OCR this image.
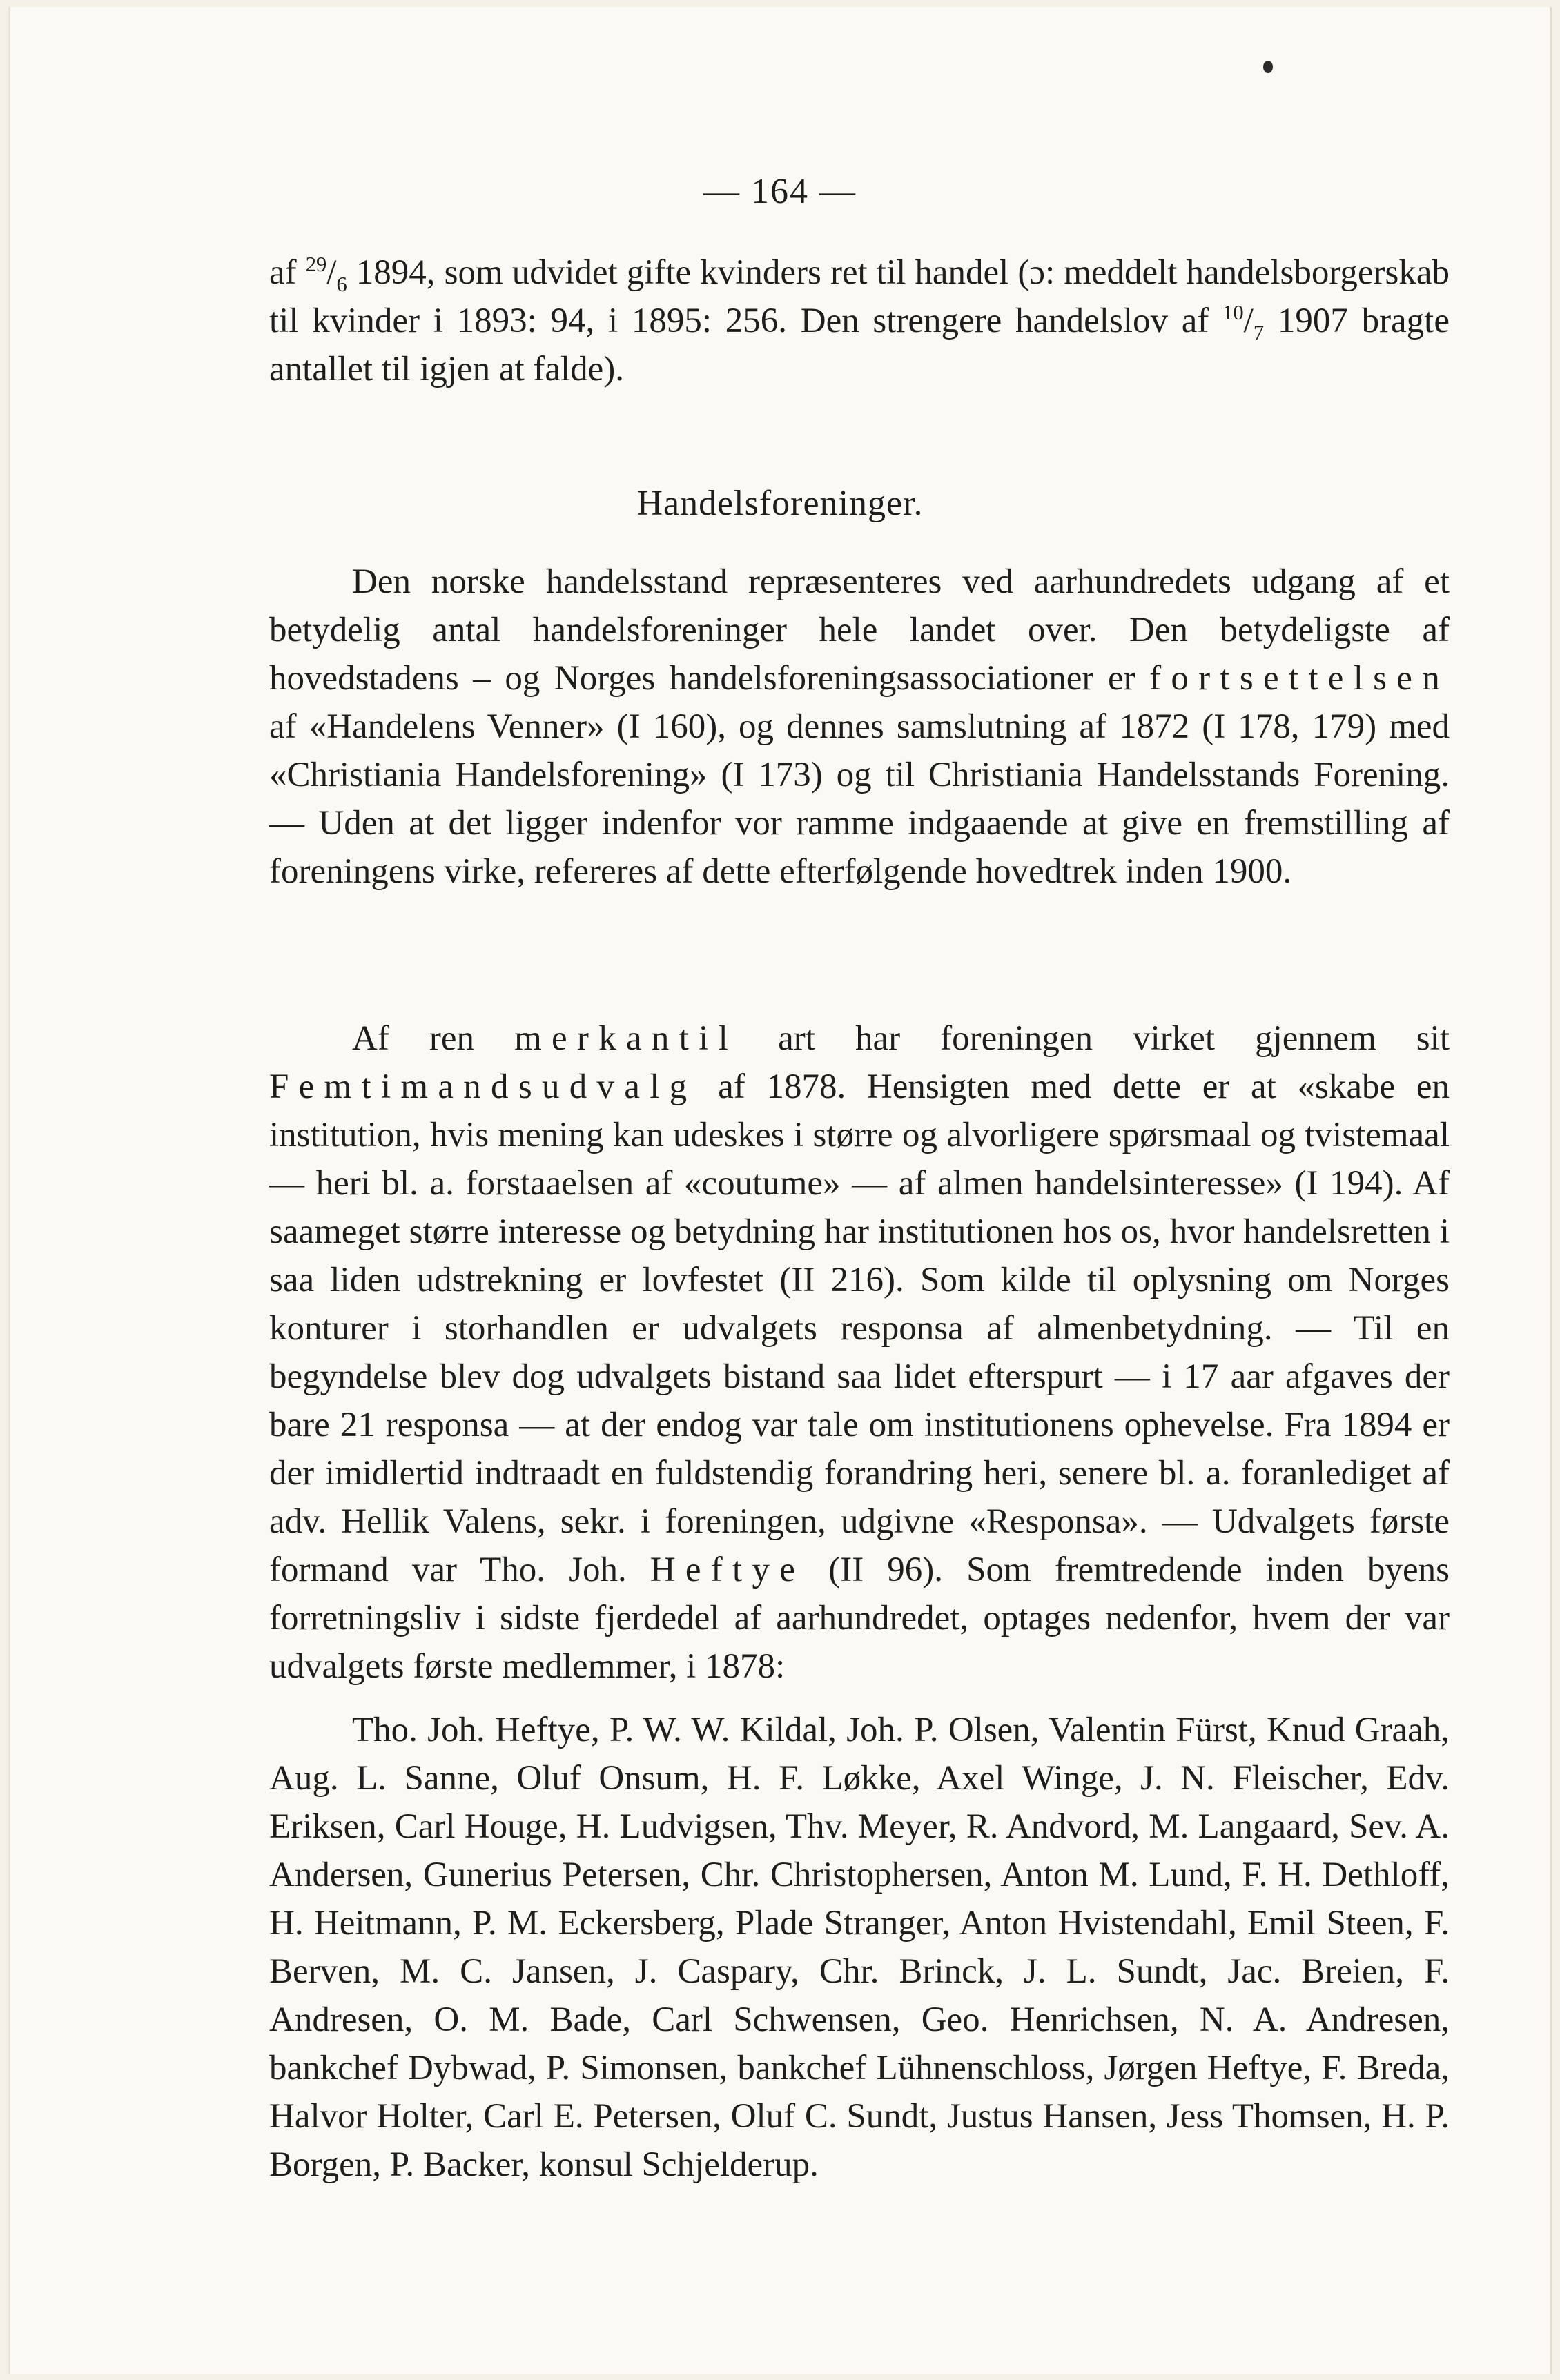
— 164 —

af $^{29}/_6$ 1894, som udvidet gifte kvinders ret til handel (ɔ: meddelt handelsborgerskab til kvinder i 1893: 94, i 1895: 256. Den strengere handelslov af $^{10}/_7$ 1907 bragte antallet til igjen at falde).

Handelsforeninger.

Den norske handelsstand repræsenteres ved aarhundredets udgang af et betydelig antal handelsforeninger hele landet over. Den betydeligste af hovedstadens – og Norges handelsforeningsassociationer er fortsettelsen af «Handelens Venner» (I 160), og dennes samslutning af 1872 (I 178, 179) med «Christiania Handelsforening» (I 173) og til Christiania Handelsstands Forening. — Uden at det ligger indenfor vor ramme indgaaende at give en fremstilling af foreningens virke, refereres af dette efterfølgende hovedtrek inden 1900.

Af ren merkantil art har foreningen virket gjennem sit Femtimandsudvalg af 1878. Hensigten med dette er at «skabe en institution, hvis mening kan udeskes i større og alvorligere spørsmaal og tvistemaal — heri bl. a. forstaaelsen af «coutume» — af almen handelsinteresse» (I 194). Af saameget større interesse og betydning har institutionen hos os, hvor handelsretten i saa liden udstrekning er lovfestet (II 216). Som kilde til oplysning om Norges konturer i storhandlen er udvalgets responsa af almenbetydning. — Til en begyndelse blev dog udvalgets bistand saa lidet efterspurt — i 17 aar afgaves der bare 21 responsa — at der endog var tale om institutionens ophevelse. Fra 1894 er der imidlertid indtraadt en fuldstendig forandring heri, senere bl. a. foranlediget af adv. Hellik Valens, sekr. i foreningen, udgivne «Responsa». — Udvalgets første formand var Tho. Joh. Heftye (II 96). Som fremtredende inden byens forretningsliv i sidste fjerdedel af aarhundredet, optages nedenfor, hvem der var udvalgets første medlemmer, i 1878:

Tho. Joh. Heftye, P. W. W. Kildal, Joh. P. Olsen, Valentin Fürst, Knud Graah, Aug. L. Sanne, Oluf Onsum, H. F. Løkke, Axel Winge, J. N. Fleischer, Edv. Eriksen, Carl Houge, H. Ludvigsen, Thv. Meyer, R. Andvord, M. Langaard, Sev. A. Andersen, Gunerius Petersen, Chr. Christophersen, Anton M. Lund, F. H. Dethloff, H. Heitmann, P. M. Eckersberg, Plade Stranger, Anton Hvistendahl, Emil Steen, F. Berven, M. C. Jansen, J. Caspary, Chr. Brinck, J. L. Sundt, Jac. Breien, F. Andresen, O. M. Bade, Carl Schwensen, Geo. Henrichsen, N. A. Andresen, bankchef Dybwad, P. Simonsen, bankchef Lühnenschloss, Jørgen Heftye, F. Breda, Halvor Holter, Carl E. Petersen, Oluf C. Sundt, Justus Hansen, Jess Thomsen, H. P. Borgen, P. Backer, konsul Schjelderup.
